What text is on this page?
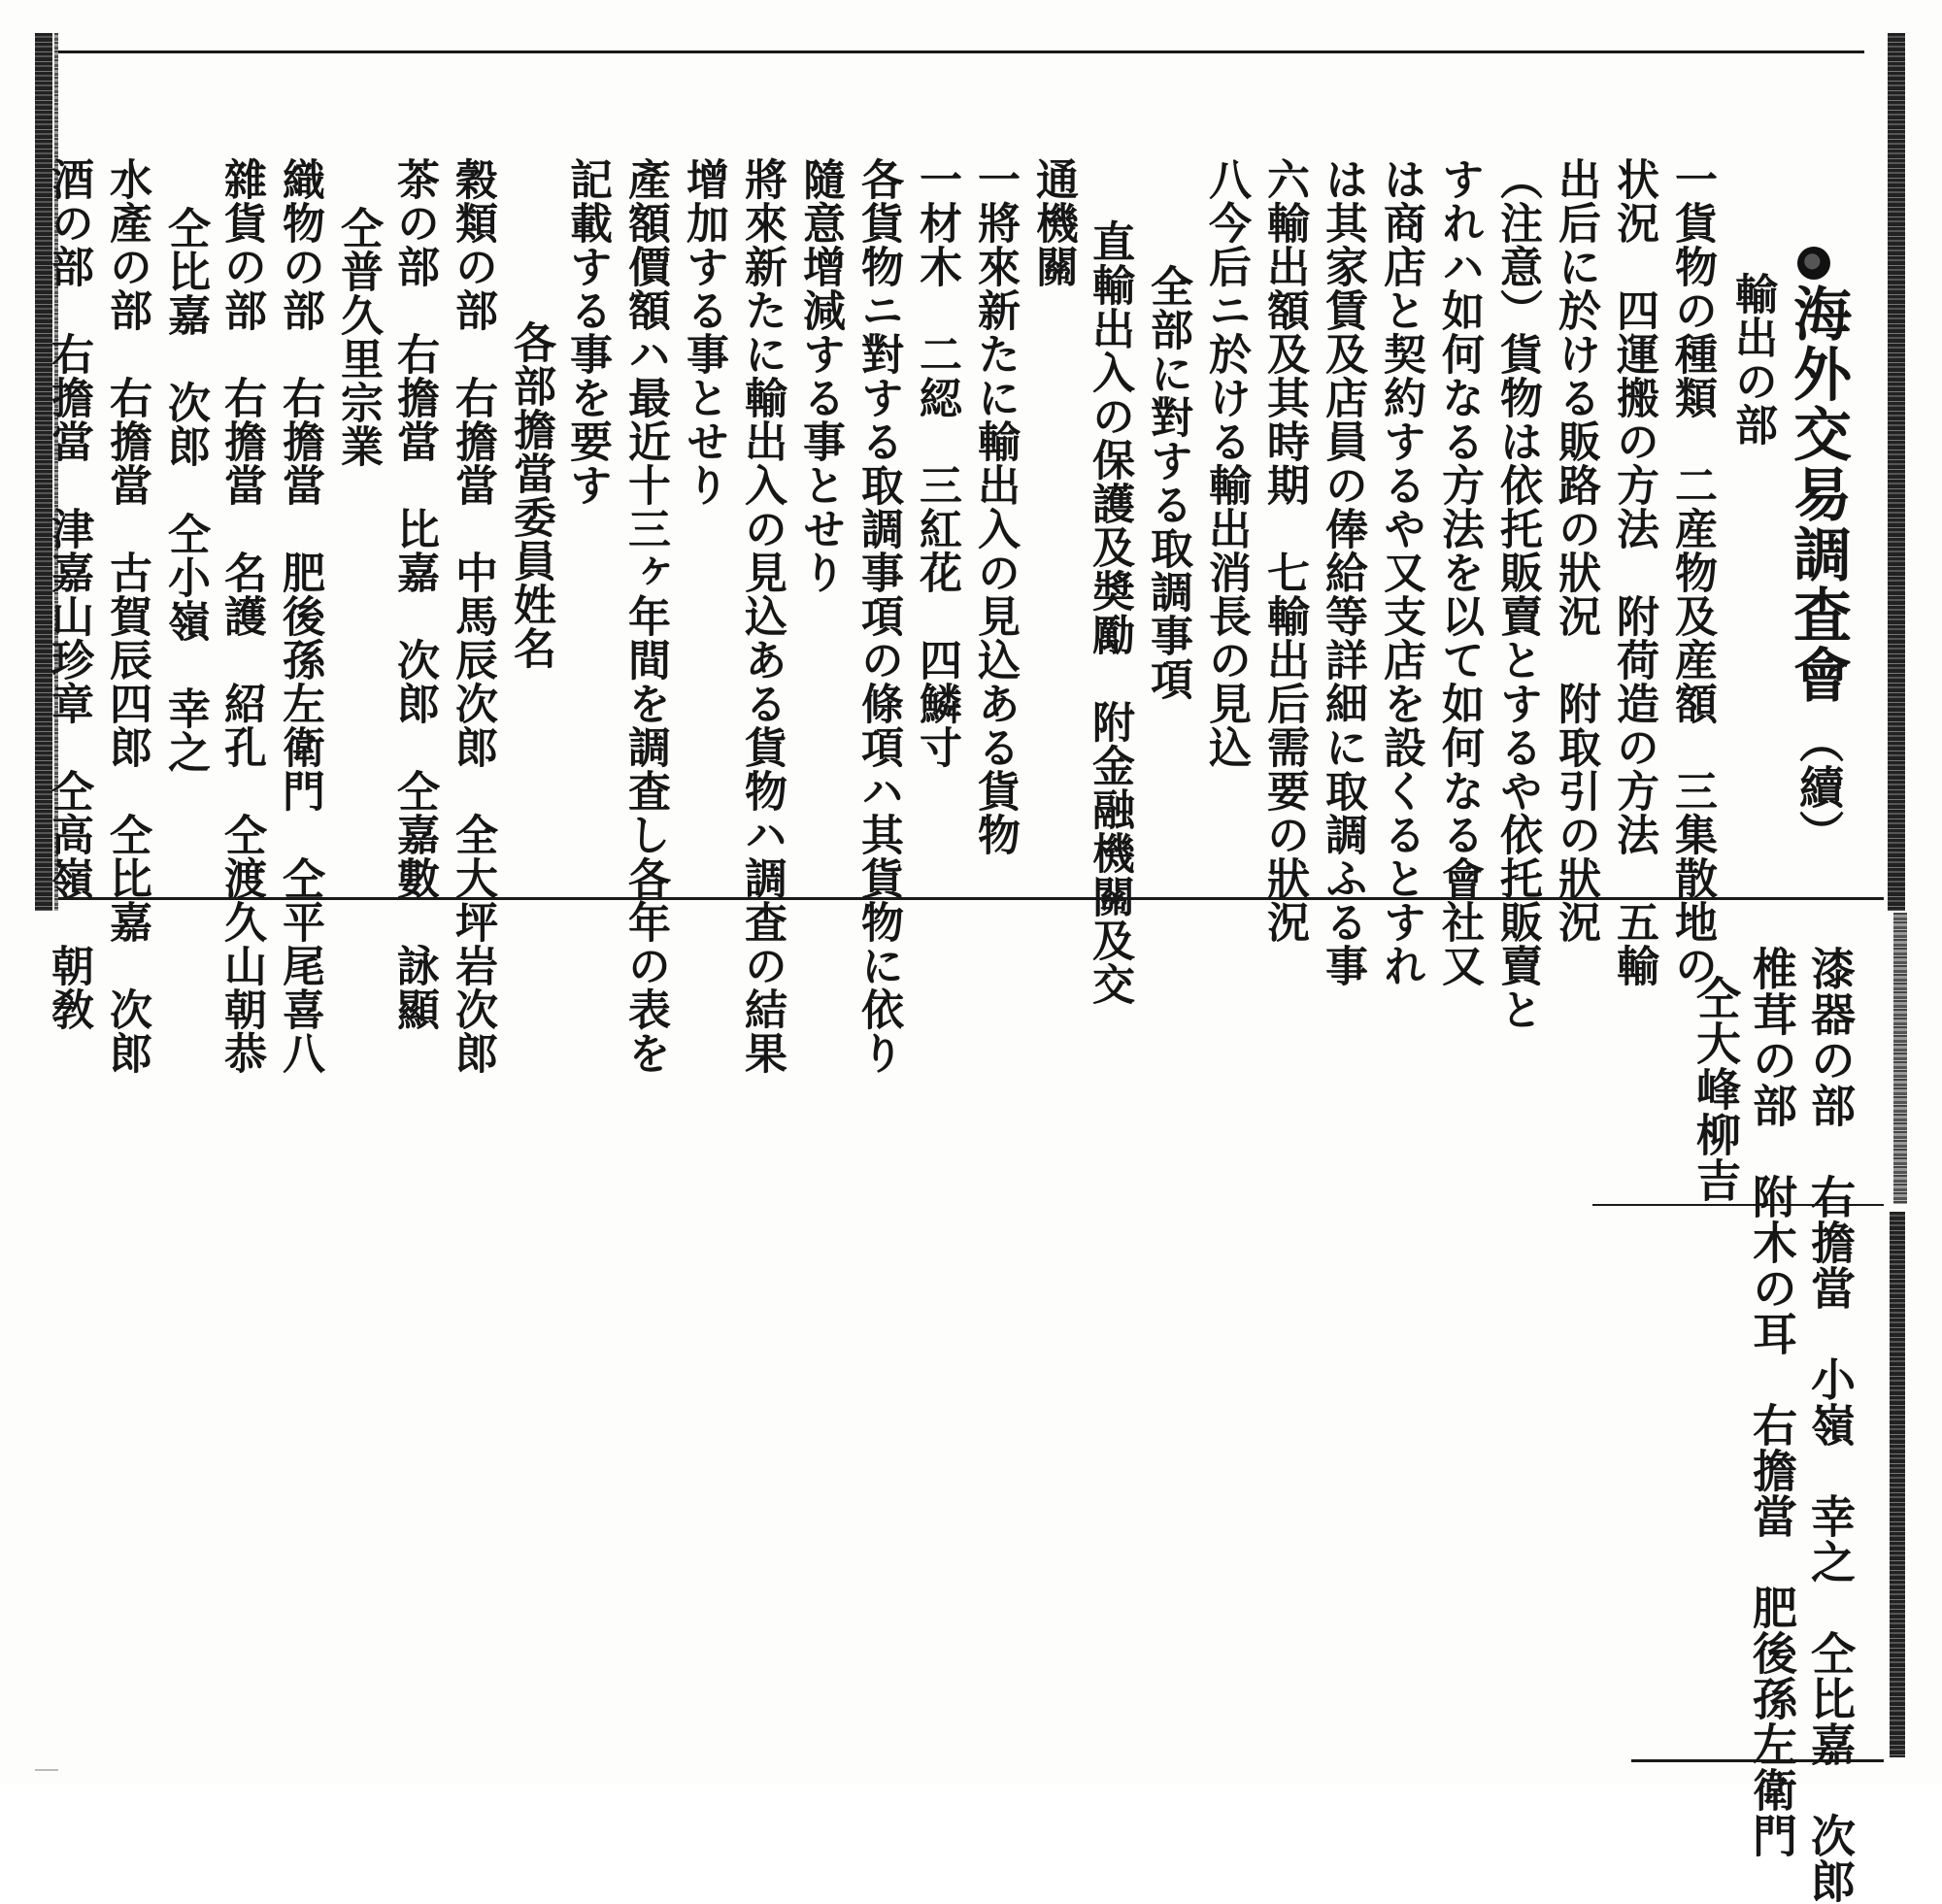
海外交易調査會
（續）
輸出の部
一貨物の種類　二産物及産額　三集散地の
状況　四運搬の方法　附荷造の方法　五輸
出后に於ける販路の狀況　附取引の狀況
（注意）貨物は依托販賣とするや依托販賣と
すれハ如何なる方法を以て如何なる會社又
は商店と契約するや又支店を設くるとすれ
は其家賃及店員の俸給等詳細に取調ふる事
六輸出額及其時期　七輸出后需要の狀況
八今后ニ於ける輸出消長の見込
全部に對する取調事項
直輸出入の保護及奬勵　附金融機關及交
通機關
一將來新たに輸出入の見込ある貨物
一材木　二綛　三紅花　四鱗寸
各貨物ニ對する取調事項の條項ハ其貨物に依り
隨意增減する事とせり
將來新たに輸出入の見込ある貨物ハ調査の結果
增加する事とせり
產額價額ハ最近十三ヶ年間を調査し各年の表を
記載する事を要す
各部擔當委員姓名
穀類の部　右擔當　中馬辰次郎　全大坪岩次郎
茶の部　右擔當　比嘉　次郎　仝嘉數　詠顯
仝普久里宗業
織物の部　右擔當　肥後孫左衛門　仝平尾喜八
雜貨の部　右擔當　名護　紹孔　仝渡久山朝恭
仝比嘉　次郎　仝小嶺　幸之
水產の部　右擔當　古賀辰四郎　仝比嘉　次郎
酒の部　右擔當　津嘉山珍章　仝高嶺　朝敎
漆器の部　右擔當　小嶺　幸之　仝比嘉　次郎
椎茸の部　附木の耳　右擔當　肥後孫左衛門
仝大峰柳吉
